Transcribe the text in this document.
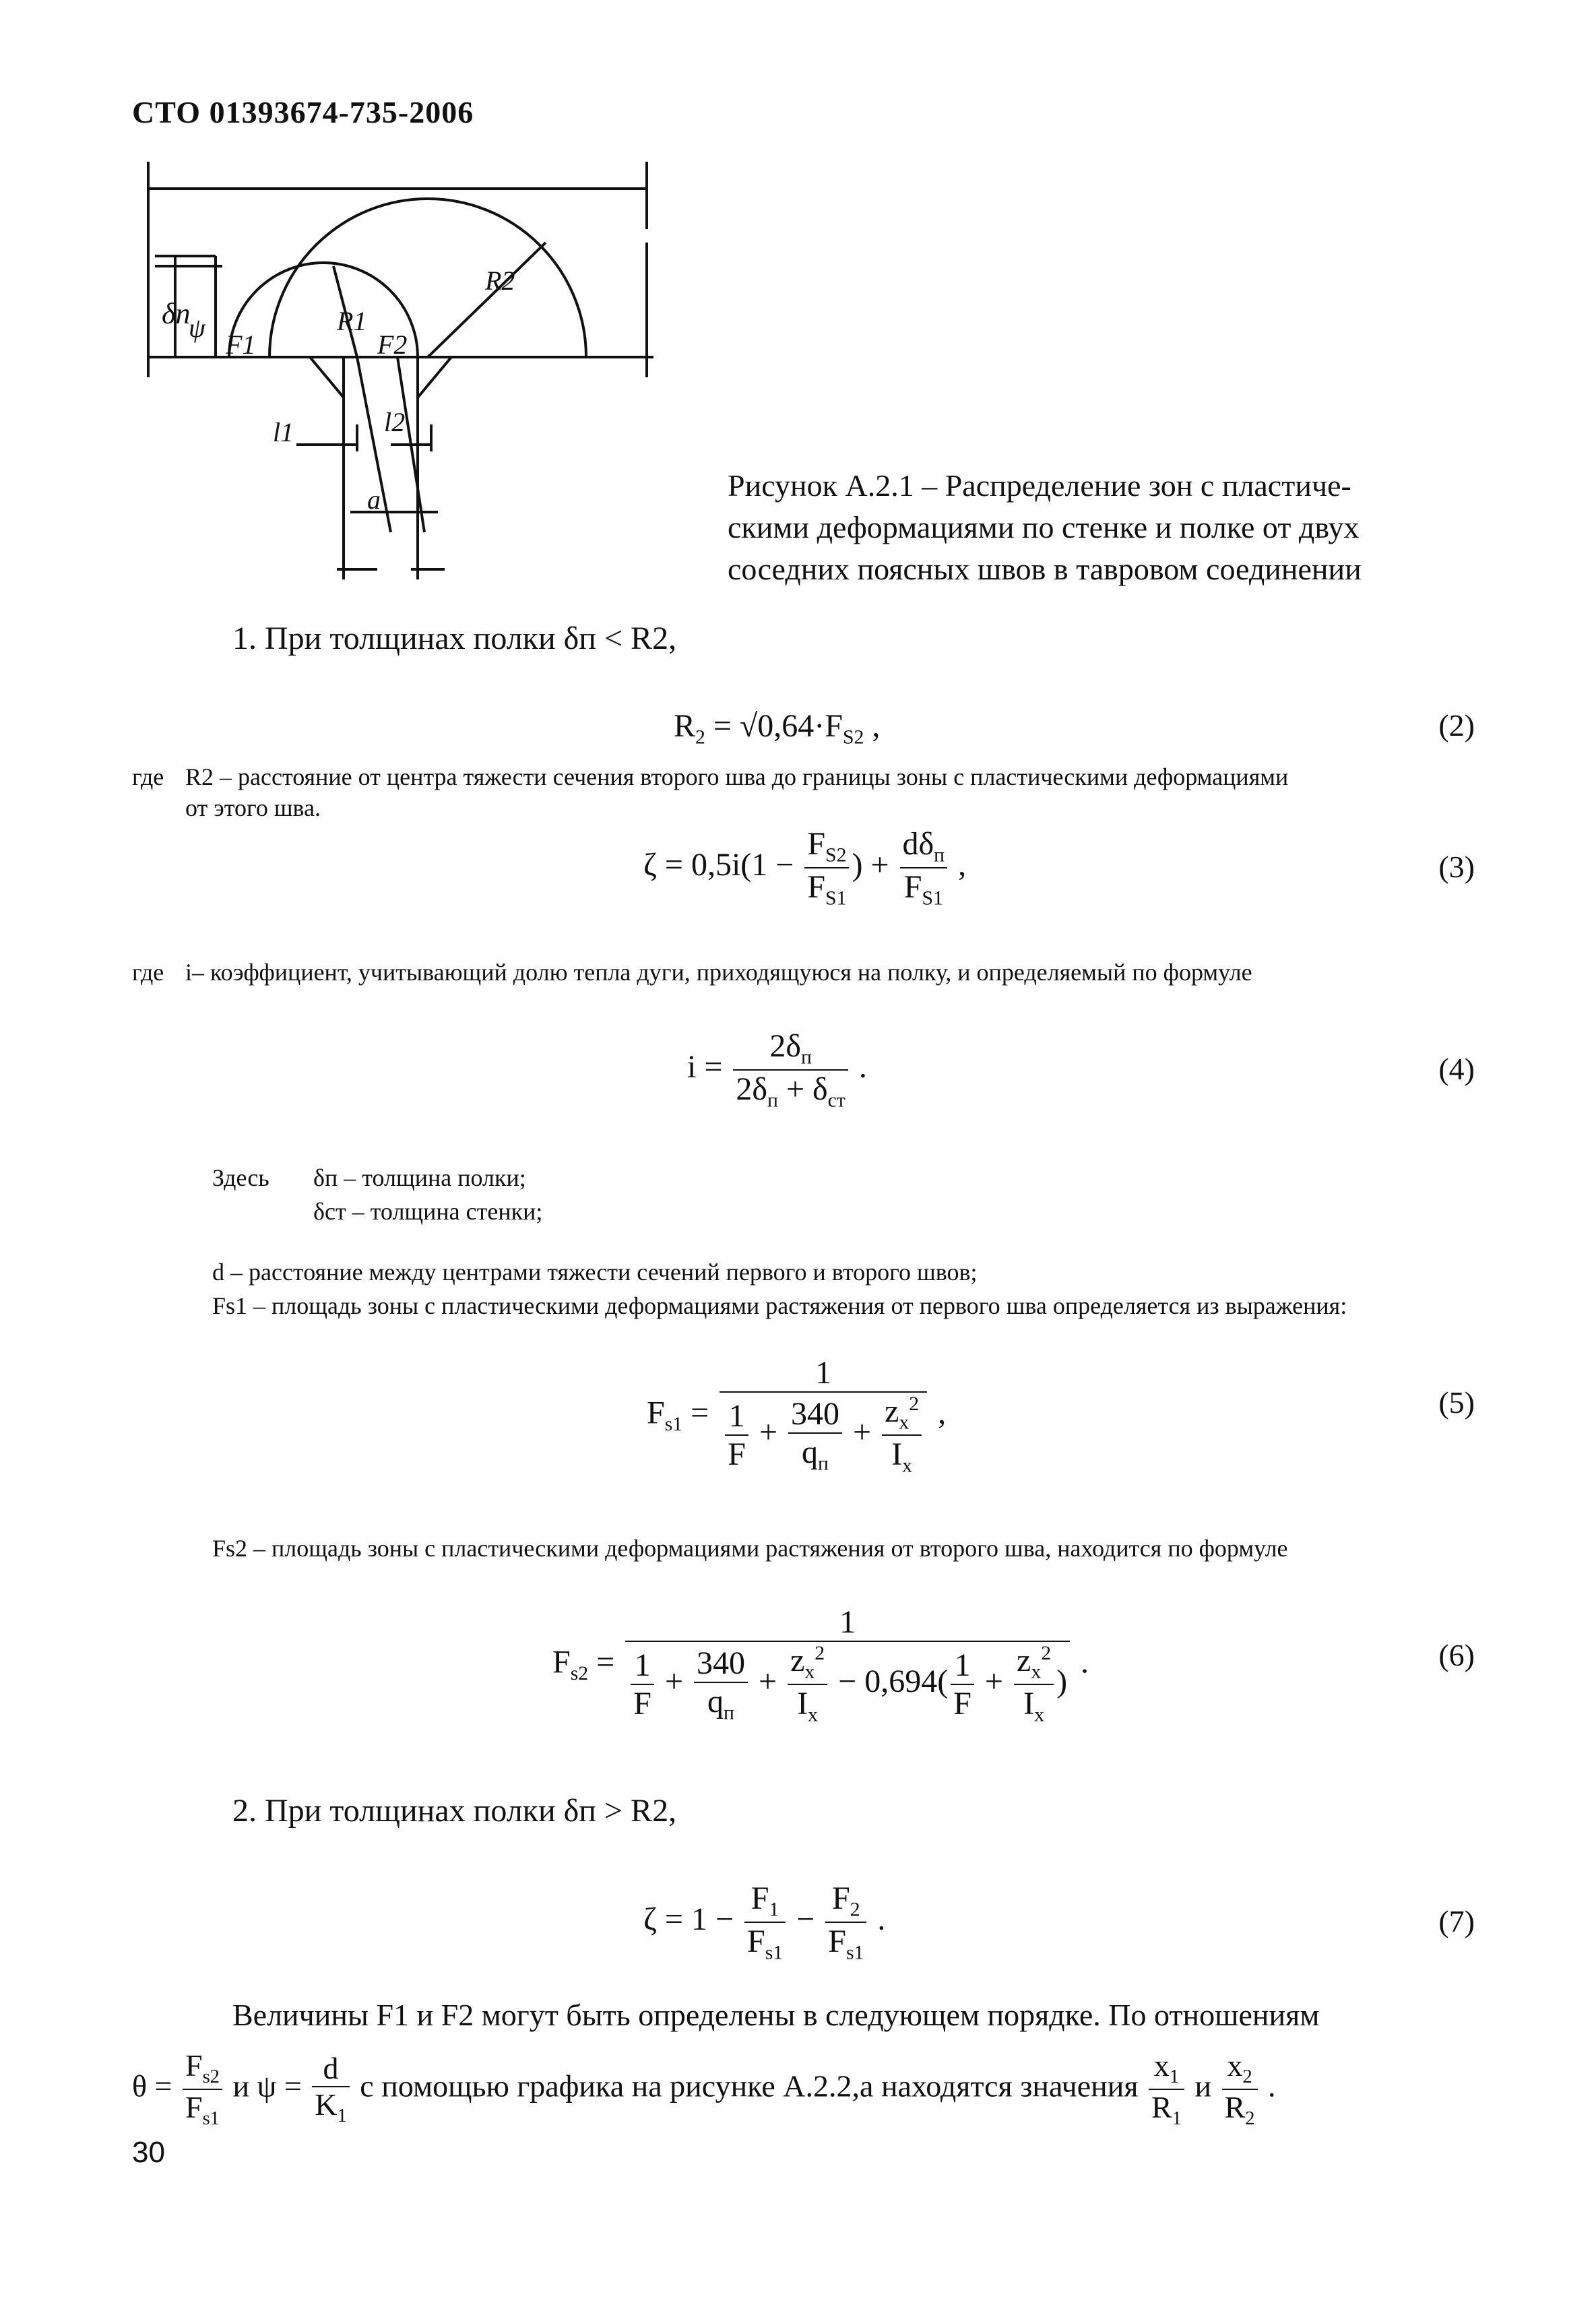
СТО 01393674-735-2006
δn
ψ
F1	F2
R1
R2
l1	l2
a	Рисунок А.2.1 – Распределение зон с пластиче-
скими деформациями по стенке и полке от двух
соседних поясных швов в тавровом соединении
1. При толщинах полки δп < R2,
$R_2 = √0,64\cdot F_{S2}$ ,	(2)
где R2 – расстояние от центра тяжести сечения второго шва до границы зоны с пластическими деформациями
от этого шва.
$\zeta = 0,5i(1 - \frac{F_{S2}}{F_{S1}}$ ) + $\frac{d\delta_п}{F_{S1}}$ ,	(3)
где i– коэффициент, учитывающий долю тепла дуги, приходящуюся на полку, и определяемый по формуле
$i = \frac{2\delta_п}{2\delta_п + \delta_{ст}}$ .	(4)
Здесь δп – толщина полки;
δст – толщина стенки;
d – расстояние между центрами тяжести сечений первого и второго швов;
Fs1 – площадь зоны с пластическими деформациями растяжения от первого шва определяется из выражения:
$F_{s1} = \frac{1}{\frac{1}{F} + \frac{340}{q_п} + \frac{z_x^2}{I_x}}$ ,	(5)
Fs2 – площадь зоны с пластическими деформациями растяжения от второго шва, находится по формуле
$F_{s2} = \frac{1}{\frac{1}{F} + \frac{340}{q_п} + \frac{z_x^2}{I_x} - 0,694( \frac{1}{F} + \frac{z_x^2}{I_x} )}$ .	(6)
2. При толщинах полки δп > R2,
$\zeta = 1 - \frac{F_1}{F_{s1}} - \frac{F_2}{F_{s1}}$ .	(7)
Величины F1 и F2 могут быть определены в следующем порядке. По отношениям
$\theta = \frac{F_{s2}}{F_{s1}}$ и $\psi = \frac{d}{K_1}$ с помощью графика на рисунке А.2.2,а находятся значения $\frac{x_1}{R_1}$ и $\frac{x_2}{R_2}$ .
30
